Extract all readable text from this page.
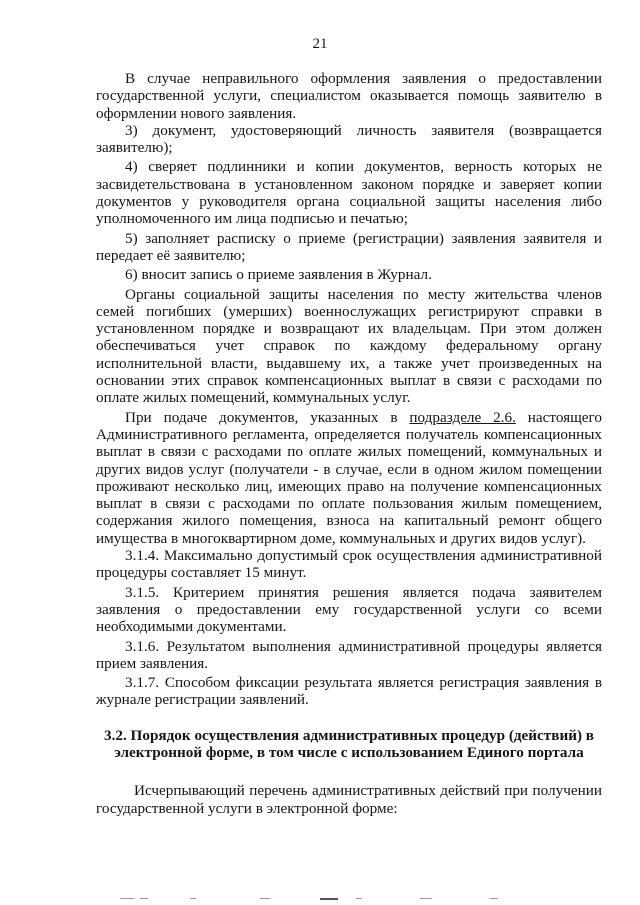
21

В случае неправильного оформления заявления о предоставлении государственной услуги, специалистом оказывается помощь заявителю в оформлении нового заявления.

3) документ, удостоверяющий личность заявителя (возвращается заявителю);

4) сверяет подлинники и копии документов, верность которых не засвидетельствована в установленном законом порядке и заверяет копии документов у руководителя органа социальной защиты населения либо уполномоченного им лица подписью и печатью;

5) заполняет расписку о приеме (регистрации) заявления заявителя и передает её заявителю;

6) вносит запись о приеме заявления в Журнал.

Органы социальной защиты населения по месту жительства членов семей погибших (умерших) военнослужащих регистрируют справки в установленном порядке и возвращают их владельцам. При этом должен обеспечиваться учет справок по каждому федеральному органу исполнительной власти, выдавшему их, а также учет произведенных на основании этих справок компенсационных выплат в связи с расходами по оплате жилых помещений, коммунальных услуг.

При подаче документов, указанных в подразделе 2.6. настоящего Административного регламента, определяется получатель компенсационных выплат в связи с расходами по оплате жилых помещений, коммунальных и других видов услуг (получатели - в случае, если в одном жилом помещении проживают несколько лиц, имеющих право на получение компенсационных выплат в связи с расходами по оплате пользования жилым помещением, содержания жилого помещения, взноса на капитальный ремонт общего имущества в многоквартирном доме, коммунальных и других видов услуг).

3.1.4. Максимально допустимый срок осуществления административной процедуры составляет 15 минут.

3.1.5. Критерием принятия решения является подача заявителем заявления о предоставлении ему государственной услуги со всеми необходимыми документами.

3.1.6. Результатом выполнения административной процедуры является прием заявления.

3.1.7. Способом фиксации результата является регистрация заявления в журнале регистрации заявлений.

3.2. Порядок осуществления административных процедур (действий) в электронной форме, в том числе с использованием Единого портала

Исчерпывающий перечень административных действий при получении государственной услуги в электронной форме:
